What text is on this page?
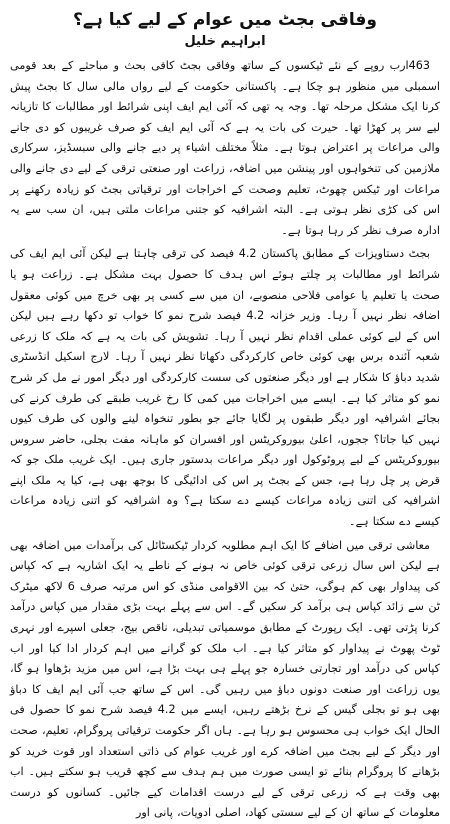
وفاقی بجٹ میں عوام کے لیے کیا ہے؟
ابراہیم خلیل

463ارب روپے کے نئے ٹیکسوں کے ساتھ وفاقی بجٹ کافی بحث و مباحثے کے بعد قومی اسمبلی میں منظور ہو چکا ہے۔ پاکستانی حکومت کے لیے رواں مالی سال کا بجٹ پیش کرنا ایک مشکل مرحلہ تھا۔ وجہ یہ تھی کہ آئی ایم ایف اپنی شرائط اور مطالبات کا تازیانہ لیے سر پر کھڑا تھا۔ حیرت کی بات یہ ہے کہ آئی ایم ایف کو صرف غریبوں کو دی جانے والی مراعات پر اعتراض ہوتا ہے۔ مثلاً مختلف اشیاء پر دیے جانے والی سبسڈیز، سرکاری ملازمین کی تنخواہوں اور پینشن میں اضافہ، زراعت اور صنعتی ترقی کے لیے دی جانے والی مراعات اور ٹیکس چھوٹ، تعلیم وصحت کے اخراجات اور ترقیاتی بجٹ کو زیادہ رکھنے پر اس کی کڑی نظر ہوتی ہے۔ البتہ اشرافیہ کو جتنی مراعات ملتی ہیں، ان سب سے یہ ادارہ صرف نظر کر رہا ہوتا ہے۔

بجٹ دستاویزات کے مطابق پاکستان 4.2 فیصد کی ترقی چاہتا ہے لیکن آئی ایم ایف کی شرائط اور مطالبات پر چلتے ہوئے اس ہدف کا حصول بہت مشکل ہے۔ زراعت ہو یا صحت یا تعلیم یا عوامی فلاحی منصوبے، ان میں سے کسی پر بھی خرچ میں کوئی معقول اضافہ نظر نہیں آ رہا۔ وزیر خزانہ 4.2 فیصد شرح نمو کا خواب تو دکھا رہے ہیں لیکن اس کے لیے کوئی عملی اقدام نظر نہیں آ رہا۔ تشویش کی بات یہ ہے کہ ملک کا زرعی شعبہ آئندہ برس بھی کوئی خاص کارکردگی دکھاتا نظر نہیں آ رہا۔ لارج اسکیل انڈسٹری شدید دباؤ کا شکار ہے اور دیگر صنعتوں کی سست کارکردگی اور دیگر امور نے مل کر شرح نمو کو متاثر کیا ہے۔ ایسے میں اخراجات میں کمی کا رخ غریب طبقے کی طرف کرنے کی بجائے اشرافیہ اور دیگر طبقوں پر لگایا جائے جو بطور تنخواہ لینے والوں کی طرف کیوں نہیں کیا جاتا؟ ججوں، اعلیٰ بیوروکریٹس اور افسران کو ماہانہ مفت بجلی، حاضر سروس بیوروکریٹس کے لیے پروٹوکول اور دیگر مراعات بدستور جاری ہیں۔ ایک غریب ملک جو کہ قرض پر چل رہا ہے، جس کے بجٹ پر اس کی ادائیگی کا بوجھ بھی ہے، کیا یہ ملک اپنے اشرافیہ کی اتنی زیادہ مراعات کیسے دے سکتا ہے؟ وہ اشرافیہ کو اتنی زیادہ مراعات کیسے دے سکتا ہے۔

معاشی ترقی میں اضافے کا ایک اہم مطلوبہ کردار ٹیکسٹائل کی برآمدات میں اضافہ بھی ہے لیکن اس سال زرعی ترقی کوئی خاص نہ ہونے کے ناطے یہ ایک اشاریہ ہے کہ کپاس کی پیداوار بھی کم ہوگی، حتیٰ کہ بین الاقوامی منڈی کو اس مرتبہ صرف 6 لاکھ میٹرک ٹن سے زائد کپاس ہی برآمد کر سکیں گے۔ اس سے پہلے بہت بڑی مقدار میں کپاس درآمد کرنا پڑتی تھی۔ ایک رپورٹ کے مطابق موسمیاتی تبدیلی، ناقص بیج، جعلی اسپرے اور نہری ٹوٹ پھوٹ نے پیداوار کو متاثر کیا ہے۔ اب ملک کو گرانے میں اہم کردار ادا کیا اور اب کپاس کی درآمد اور تجارتی خسارہ جو پہلے ہی بہت بڑا ہے، اس میں مزید بڑھاوا ہو گا، یوں زراعت اور صنعت دونوں دباؤ میں رہیں گی۔ اس کے ساتھ جب آئی ایم ایف کا دباؤ بھی ہو تو بجلی گیس کے نرخ بڑھتے رہیں، ایسے میں 4.2 فیصد شرح نمو کا حصول فی الحال ایک خواب ہی محسوس ہو رہا ہے۔ ہاں اگر حکومت ترقیاتی پروگرام، تعلیم، صحت اور دیگر کے لیے بجٹ میں اضافہ کرے اور غریب عوام کی ذاتی استعداد اور قوت خرید کو بڑھانے کا پروگرام بنائے تو ایسی صورت میں ہم ہدف سے کچھ قریب ہو سکتے ہیں۔ اب بھی وقت ہے کہ زرعی ترقی کے لیے درست اقدامات کیے جائیں۔ کسانوں کو درست معلومات کے ساتھ ان کے لیے سستی کھاد، اصلی ادویات، پانی اور
